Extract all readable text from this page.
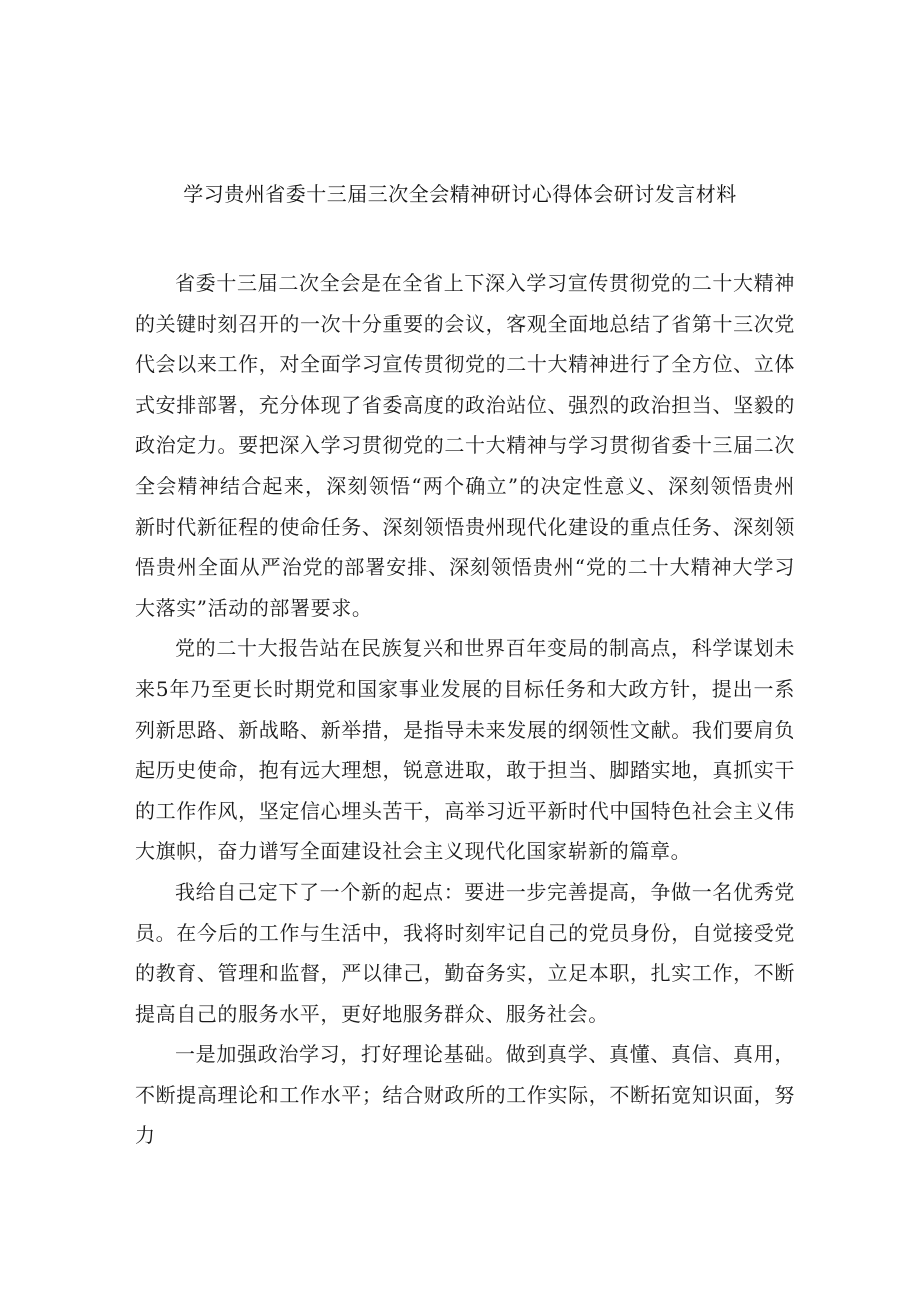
学习贵州省委十三届三次全会精神研讨心得体会研讨发言材料

省委十三届二次全会是在全省上下深入学习宣传贯彻党的二十大精神的关键时刻召开的一次十分重要的会议，客观全面地总结了省第十三次党代会以来工作，对全面学习宣传贯彻党的二十大精神进行了全方位、立体式安排部署，充分体现了省委高度的政治站位、强烈的政治担当、坚毅的政治定力。要把深入学习贯彻党的二十大精神与学习贯彻省委十三届二次全会精神结合起来，深刻领悟“两个确立”的决定性意义、深刻领悟贵州新时代新征程的使命任务、深刻领悟贵州现代化建设的重点任务、深刻领悟贵州全面从严治党的部署安排、深刻领悟贵州“党的二十大精神大学习大落实”活动的部署要求。

党的二十大报告站在民族复兴和世界百年变局的制高点，科学谋划未来5年乃至更长时期党和国家事业发展的目标任务和大政方针，提出一系列新思路、新战略、新举措，是指导未来发展的纲领性文献。我们要肩负起历史使命，抱有远大理想，锐意进取，敢于担当、脚踏实地，真抓实干的工作作风，坚定信心埋头苦干，高举习近平新时代中国特色社会主义伟大旗帜，奋力谱写全面建设社会主义现代化国家崭新的篇章。

我给自己定下了一个新的起点：要进一步完善提高，争做一名优秀党员。在今后的工作与生活中，我将时刻牢记自己的党员身份，自觉接受党的教育、管理和监督，严以律己，勤奋务实，立足本职，扎实工作，不断提高自己的服务水平，更好地服务群众、服务社会。

一是加强政治学习，打好理论基础。做到真学、真懂、真信、真用，不断提高理论和工作水平；结合财政所的工作实际，不断拓宽知识面，努力
